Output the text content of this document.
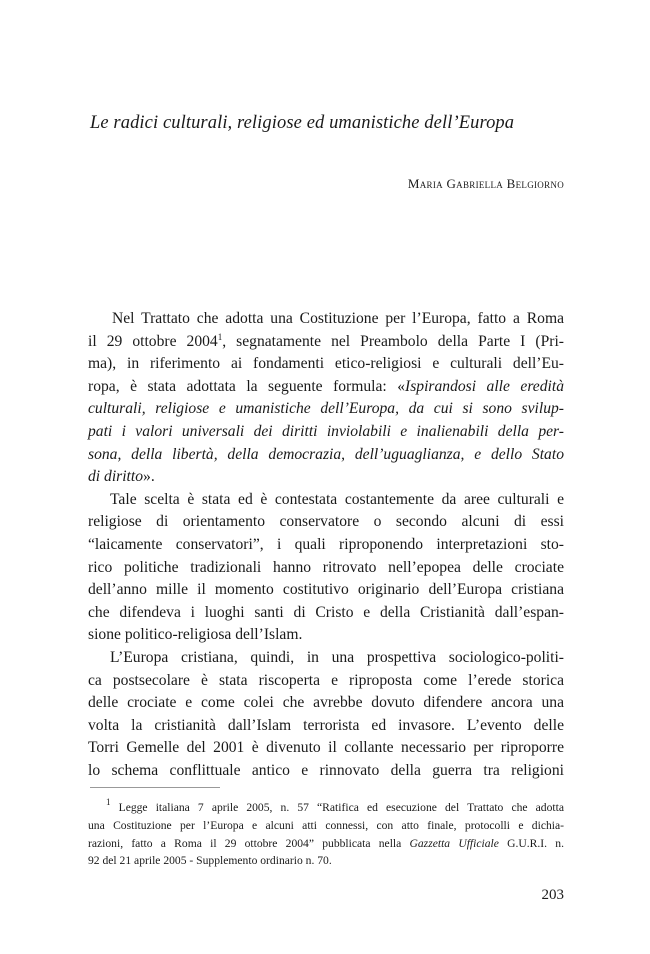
Le radici culturali, religiose ed umanistiche dell’Europa
Maria Gabriella Belgiorno

Nel Trattato che adotta una Costituzione per l’Europa, fatto a Roma
il 29 ottobre 2004$^1$, segnatamente nel Preambolo della Parte I (Pri-
ma), in riferimento ai fondamenti etico-religiosi e culturali dell’Eu-
ropa, è stata adottata la seguente formula: «Ispirandosi alle eredità
culturali, religiose e umanistiche dell’Europa, da cui si sono svilup-
pati i valori universali dei diritti inviolabili e inalienabili della per-
sona, della libertà, della democrazia, dell’uguaglianza, e dello Stato
di diritto».

Tale scelta è stata ed è contestata costantemente da aree culturali e
religiose di orientamento conservatore o secondo alcuni di essi
“laicamente conservatori”, i quali riproponendo interpretazioni sto-
rico politiche tradizionali hanno ritrovato nell’epopea delle crociate
dell’anno mille il momento costitutivo originario dell’Europa cristiana
che difendeva i luoghi santi di Cristo e della Cristianità dall’espan-
sione politico-religiosa dell’Islam.

L’Europa cristiana, quindi, in una prospettiva sociologico-politi-
ca postsecolare è stata riscoperta e riproposta come l’erede storica
delle crociate e come colei che avrebbe dovuto difendere ancora una
volta la cristianità dall’Islam terrorista ed invasore. L’evento delle
Torri Gemelle del 2001 è divenuto il collante necessario per riproporre
lo schema conflittuale antico e rinnovato della guerra tra religioni

$^1$ Legge italiana 7 aprile 2005, n. 57 “Ratifica ed esecuzione del Trattato che adotta
una Costituzione per l’Europa e alcuni atti connessi, con atto finale, protocolli e dichia-
razioni, fatto a Roma il 29 ottobre 2004” pubblicata nella Gazzetta Ufficiale G.U.R.I. n.
92 del 21 aprile 2005 - Supplemento ordinario n. 70.
203
